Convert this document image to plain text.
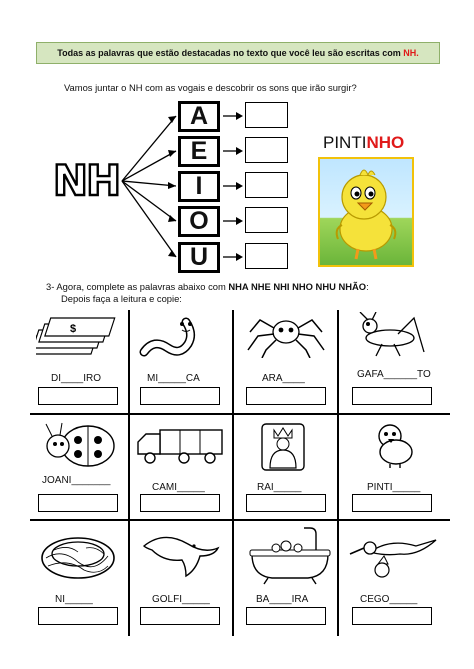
Todas as palavras que estão destacadas no texto que você leu são escritas com NH.
Vamos juntar o NH com as vogais e descobrir os sons que irão surgir?
NH
A
E
I
O
U
PINTINHO
3- Agora, complete as palavras abaixo com NHA NHE NHI NHO NHU NHÃO:
Depois faça a leitura e copie:
$
DI____IRO	MI_____CA	ARA____	GAFA______TO
JOANI_______
CAMI_____	RAI_____	PINTI_____
NI_____	GOLFI_____	BA____IRA	CEGO_____
